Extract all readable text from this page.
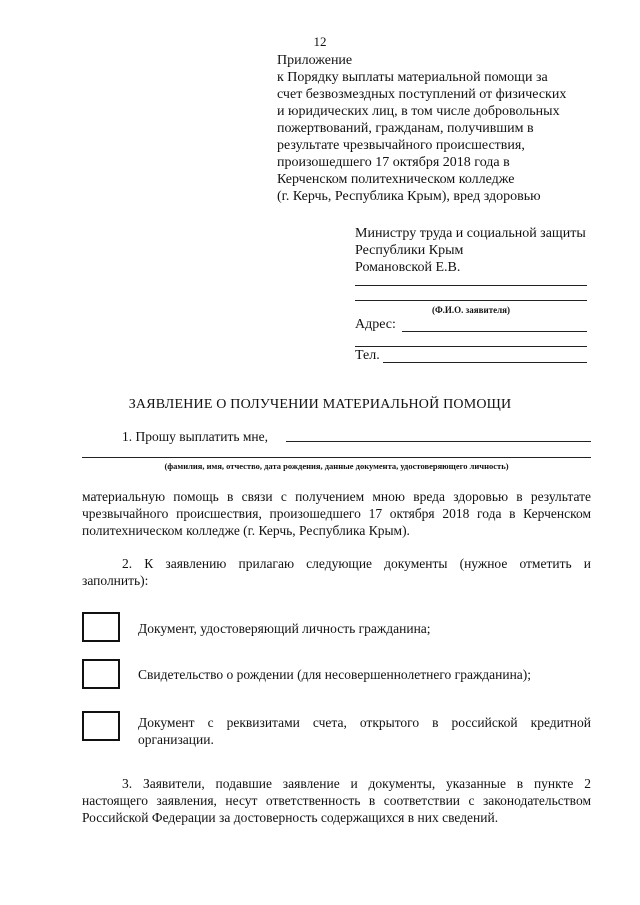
12
Приложение
к Порядку выплаты материальной помощи за
счет безвозмездных поступлений от физических
и юридических лиц, в том числе добровольных
пожертвований, гражданам, получившим в
результате чрезвычайного происшествия,
произошедшего 17 октября 2018 года в
Керченском политехническом колледже
(г. Керчь, Республика Крым), вред здоровью
Министру труда и социальной защиты
Республики Крым
Романовской Е.В.
(Ф.И.О. заявителя)
Адрес:
Тел.
ЗАЯВЛЕНИЕ О ПОЛУЧЕНИИ МАТЕРИАЛЬНОЙ ПОМОЩИ
1. Прошу выплатить мне,
(фамилия, имя, отчество, дата рождения, данные документа, удостоверяющего личность)
материальную помощь в связи с получением мною вреда здоровью в результате
чрезвычайного происшествия, произошедшего 17 октября 2018 года в Керченском
политехническом колледже (г. Керчь, Республика Крым).
2. К заявлению прилагаю следующие документы (нужное отметить и
заполнить):
Документ, удостоверяющий личность гражданина;
Свидетельство о рождении (для несовершеннолетнего гражданина);
Документ с реквизитами счета, открытого в российской кредитной
организации.
3. Заявители, подавшие заявление и документы, указанные в пункте 2
настоящего заявления, несут ответственность в соответствии с законодательством
Российской Федерации за достоверность содержащихся в них сведений.
